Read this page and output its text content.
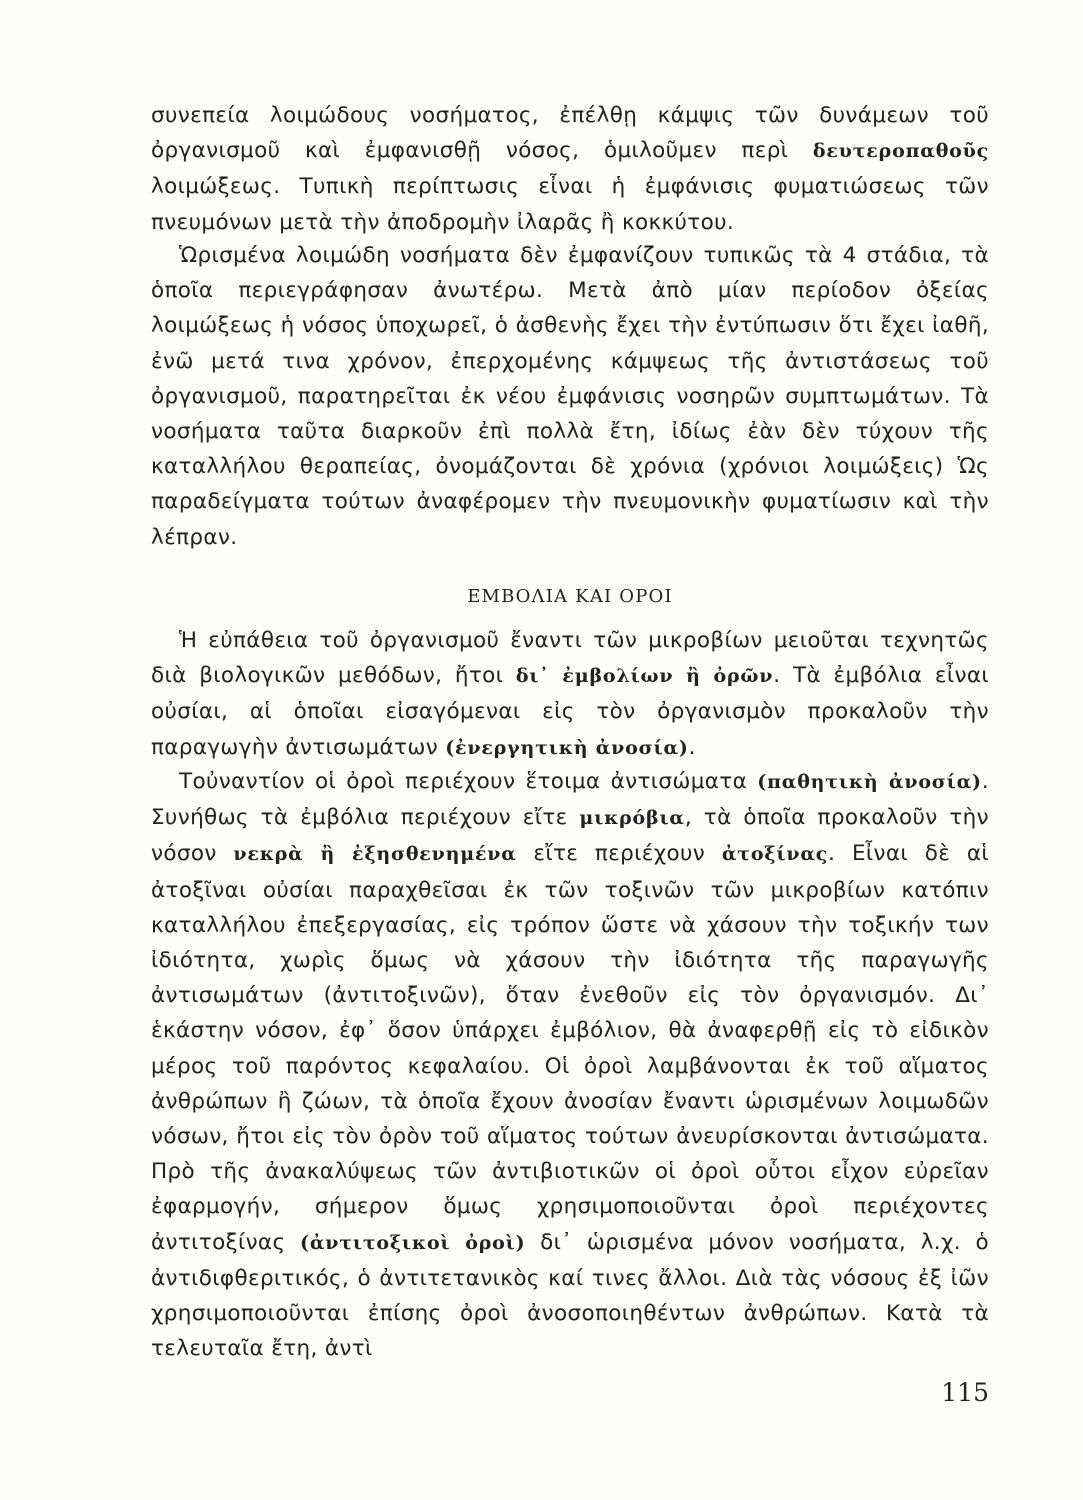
συνεπεία λοιμώδους νοσήματος, ἐπέλθῃ κάμψις τῶν δυνάμεων τοῦ ὀργανισμοῦ καὶ ἐμφανισθῇ νόσος, ὁμιλοῦμεν περὶ δευτεροπαθοῦς λοιμώξεως. Τυπικὴ περίπτωσις εἶναι ἡ ἐμφάνισις φυματιώσεως τῶν πνευμόνων μετὰ τὴν ἀποδρομὴν ἰλαρᾶς ἢ κοκκύτου.
Ὡρισμένα λοιμώδη νοσήματα δὲν ἐμφανίζουν τυπικῶς τὰ 4 στάδια, τὰ ὁποῖα περιεγράφησαν ἀνωτέρω. Μετὰ ἀπὸ μίαν περίοδον ὀξείας λοιμώξεως ἡ νόσος ὑποχωρεῖ, ὁ ἀσθενὴς ἔχει τὴν ἐντύπωσιν ὅτι ἔχει ἰαθῆ, ἐνῶ μετά τινα χρόνον, ἐπερχομένης κάμψεως τῆς ἀντιστάσεως τοῦ ὀργανισμοῦ, παρατηρεῖται ἐκ νέου ἐμφάνισις νοσηρῶν συμπτωμάτων. Τὰ νοσήματα ταῦτα διαρκοῦν ἐπὶ πολλὰ ἔτη, ἰδίως ἐὰν δὲν τύχουν τῆς καταλλήλου θεραπείας, ὀνομάζονται δὲ χρόνια (χρόνιοι λοιμώξεις) Ὡς παραδείγματα τούτων ἀναφέρομεν τὴν πνευμονικὴν φυματίωσιν καὶ τὴν λέπραν.
ΕΜΒΟΛΙΑ ΚΑΙ ΟΡΟΙ
Ἡ εὐπάθεια τοῦ ὀργανισμοῦ ἔναντι τῶν μικροβίων μειοῦται τεχνητῶς διὰ βιολογικῶν μεθόδων, ἤτοι δι᾽ ἐμβολίων ἢ ὀρῶν. Τὰ ἐμβόλια εἶναι οὐσίαι, αἱ ὁποῖαι εἰσαγόμεναι εἰς τὸν ὀργανισμὸν προκαλοῦν τὴν παραγωγὴν ἀντισωμάτων (ἐνεργητικὴ ἀνοσία).
Τοὐναντίον οἱ ὀροὶ περιέχουν ἕτοιμα ἀντισώματα (παθητικὴ ἀνοσία). Συνήθως τὰ ἐμβόλια περιέχουν εἴτε μικρόβια, τὰ ὁποῖα προκαλοῦν τὴν νόσον νεκρὰ ἢ ἐξησθενημένα εἴτε περιέχουν ἀτοξίνας. Εἶναι δὲ αἱ ἀτοξῖναι οὐσίαι παραχθεῖσαι ἐκ τῶν τοξινῶν τῶν μικροβίων κατόπιν καταλλήλου ἐπεξεργασίας, εἰς τρόπον ὥστε νὰ χάσουν τὴν τοξικήν των ἰδιότητα, χωρὶς ὅμως νὰ χάσουν τὴν ἰδιότητα τῆς παραγωγῆς ἀντισωμάτων (ἀντιτοξινῶν), ὅταν ἐνεθοῦν εἰς τὸν ὀργανισμόν. Δι᾽ ἑκάστην νόσον, ἐφ᾽ ὅσον ὑπάρχει ἐμβόλιον, θὰ ἀναφερθῇ εἰς τὸ εἰδικὸν μέρος τοῦ παρόντος κεφαλαίου. Οἱ ὀροὶ λαμβάνονται ἐκ τοῦ αἵματος ἀνθρώπων ἢ ζώων, τὰ ὁποῖα ἔχουν ἀνοσίαν ἔναντι ὡρισμένων λοιμωδῶν νόσων, ἤτοι εἰς τὸν ὀρὸν τοῦ αἵματος τούτων ἀνευρίσκονται ἀντισώματα. Πρὸ τῆς ἀνακαλύψεως τῶν ἀντιβιοτικῶν οἱ ὀροὶ οὗτοι εἶχον εὐρεῖαν ἐφαρμογήν, σήμερον ὅμως χρησιμοποιοῦνται ὀροὶ περιέχοντες ἀντιτοξίνας (ἀντιτοξικοὶ ὀροὶ) δι᾽ ὡρισμένα μόνον νοσήματα, λ.χ. ὁ ἀντιδιφθεριτικός, ὁ ἀντιτετανικὸς καί τινες ἄλλοι. Διὰ τὰς νόσους ἐξ ἰῶν χρησιμοποιοῦνται ἐπίσης ὀροὶ ἀνοσοποιηθέντων ἀνθρώπων. Κατὰ τὰ τελευταῖα ἔτη, ἀντὶ
115
